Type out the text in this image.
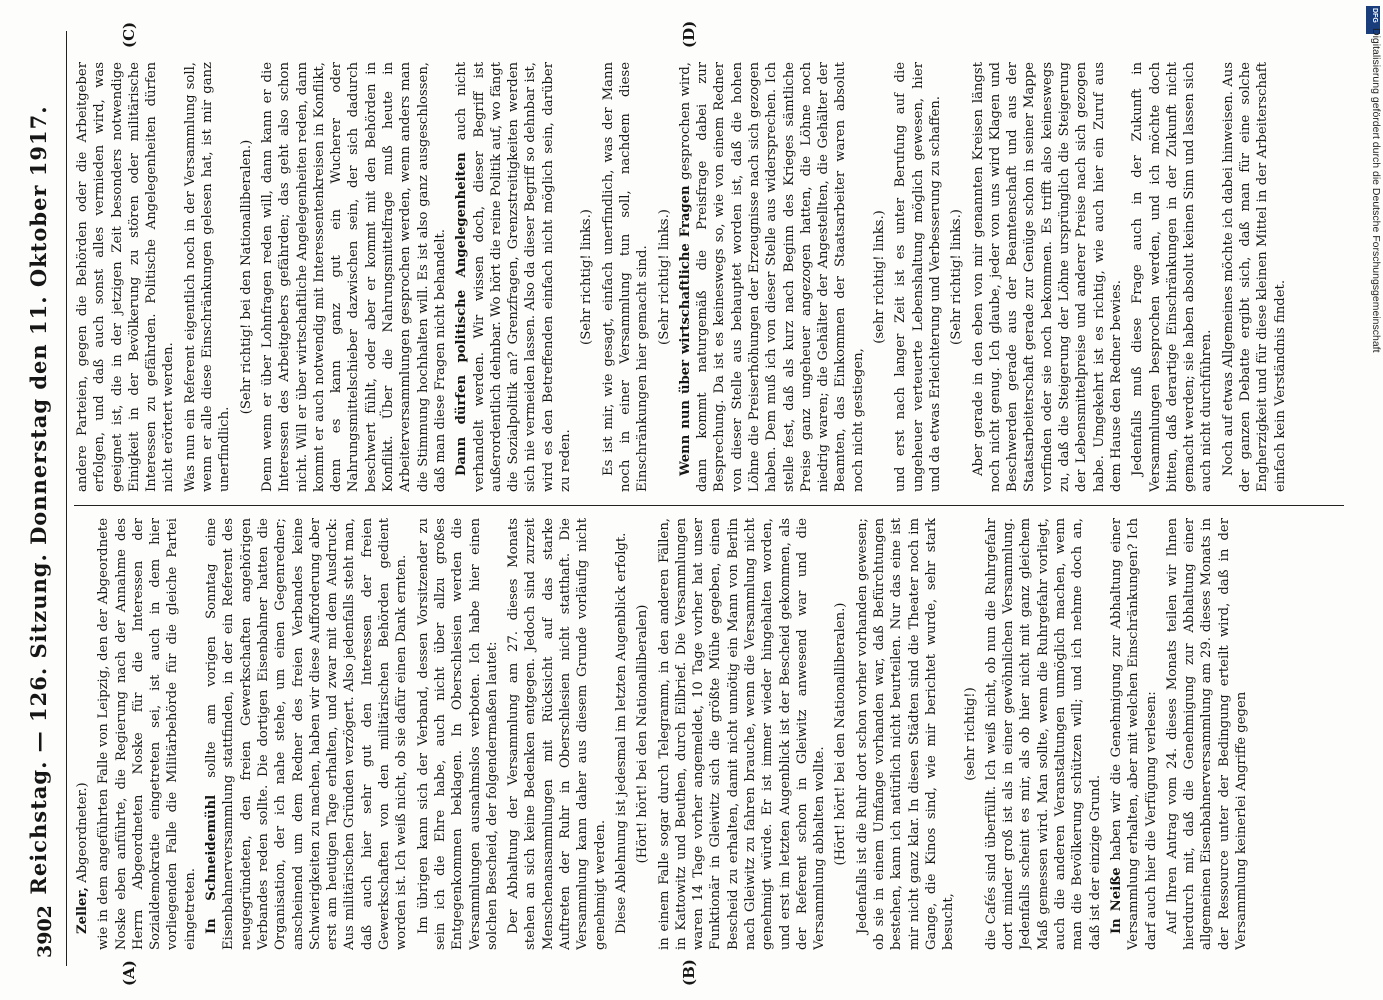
DFG
Digitalisierung gefördert durch die Deutsche Forschungsgemeinschaft
3902
Reichstag. — 126. Sitzung. Donnerstag den 11. Oktober 1917.
(A)	(B)
(C)	(D)

Zeller, Abgeordneter.) wie in dem angeführten Falle von Leipzig, den der Abgeordnete Noske eben anführte, die Regierung nach der Annahme des Herrn Abgeordneten Noske für die Interessen der Sozialdemokratie eingetreten sei, ist auch in dem hier vorliegenden Falle die Militärbehörde für die gleiche Partei eingetreten. In Schneidemühl sollte am vorigen Sonntag eine Eisenbahnerversammlung stattfinden, in der ein Referent des neugegründeten, den freien Gewerkschaften angehörigen Verbandes reden sollte. Die dortigen Eisenbahner hatten die Organisation, der ich nahe stehe, um einen Gegenredner; anscheinend um dem Redner des freien Verbandes keine Schwierigkeiten zu machen, haben wir diese Aufforderung aber erst am heutigen Tage erhalten, und zwar mit dem Ausdruck: Aus militärischen Gründen verzögert. Also jedenfalls steht man, daß auch hier sehr gut den Interessen der freien Gewerkschaften von den militärischen Behörden gedient worden ist. Ich weiß nicht, ob sie dafür einen Dank ernten. Im übrigen kann sich der Verband, dessen Vorsitzender zu sein ich die Ehre habe, auch nicht über allzu großes Entgegenkommen beklagen. In Oberschlesien werden die Versammlungen ausnahmslos verboten. Ich habe hier einen solchen Bescheid, der folgendermaßen lautet: Der Abhaltung der Versammlung am 27. dieses Monats stehen an sich keine Bedenken entgegen. Jedoch sind zurzeit Menschenansammlungen mit Rücksicht auf das starke Auftreten der Ruhr in Oberschlesien nicht statthaft. Die Versammlung kann daher aus diesem Grunde vorläufig nicht genehmigt werden. Diese Ablehnung ist jedesmal im letzten Augenblick erfolgt. (Hört! hört! bei den Nationalliberalen) in einem Falle sogar durch Telegramm, in den anderen Fällen, in Kattowitz und Beuthen, durch Eilbrief. Die Versammlungen waren 14 Tage vorher angemeldet, 10 Tage vorher hat unser Funktionär in Gleiwitz sich die größte Mühe gegeben, einen Bescheid zu erhalten, damit nicht unnötig ein Mann von Berlin nach Gleiwitz zu fahren brauche, wenn die Versammlung nicht genehmigt würde. Er ist immer wieder hingehalten worden, und erst im letzten Augenblick ist der Bescheid gekommen, als der Referent schon in Gleiwitz anwesend war und die Versammlung abhalten wollte. (Hört! hört! bei den Nationalliberalen.) Jedenfalls ist die Ruhr dort schon vorher vorhanden gewesen; ob sie in einem Umfange vorhanden war, daß Befürchtungen bestehen, kann ich natürlich nicht beurteilen. Nur das eine ist mir nicht ganz klar. In diesen Städten sind die Theater noch im Gange, die Kinos sind, wie mir berichtet wurde, sehr stark besucht,

(sehr richtig!) die Cafés sind überfüllt. Ich weiß nicht, ob nun die Ruhrgefahr dort minder groß ist als in einer gewöhnlichen Versammlung. Jedenfalls scheint es mir, als ob hier nicht mit ganz gleichem Maß gemessen wird. Man sollte, wenn die Ruhrgefahr vorliegt, auch die anderen Veranstaltungen unmöglich machen, wenn man die Bevölkerung schützen will; und ich nehme doch an, daß ist der einzige Grund. In Neiße haben wir die Genehmigung zur Abhaltung einer Versammlung erhalten, aber mit welchen Einschränkungen? Ich darf auch hier die Verfügung verlesen: Auf Ihren Antrag vom 24. dieses Monats teilen wir Ihnen hierdurch mit, daß die Genehmigung zur Abhaltung einer allgemeinen Eisenbahnerversammlung am 29. dieses Monats in der Ressource unter der Bedingung erteilt wird, daß in der Versammlung keinerlei Angriffe gegen

andere Parteien, gegen die Behörden oder die Arbeitgeber erfolgen, und daß auch sonst alles vermieden wird, was geeignet ist, die in der jetzigen Zeit besonders notwendige Einigkeit in der Bevölkerung zu stören oder militärische Interessen zu gefährden. Politische Angelegenheiten dürfen nicht erörtert werden. Was nun ein Referent eigentlich noch in der Versammlung soll, wenn er alle diese Einschränkungen gelesen hat, ist mir ganz unerfindlich.

(Sehr richtig! bei den Nationalliberalen.) Denn wenn er über Lohnfragen reden will, dann kann er die Interessen des Arbeitgebers gefährden; das geht also schon nicht. Will er über wirtschaftliche Angelegenheiten reden, dann kommt er auch notwendig mit Interessentenkreisen in Konflikt, denn es kann ganz gut ein Wucherer oder Nahrungsmittelschieber dazwischen sein, der sich dadurch beschwert fühlt, oder aber er kommt mit den Behörden in Konflikt. Über die Nahrungsmittelfrage muß heute in Arbeiterversammlungen gesprochen werden, wenn anders man die Stimmung hochhalten will. Es ist also ganz ausgeschlossen, daß man diese Fragen nicht behandelt. Dann dürfen politische Angelegenheiten auch nicht verhandelt werden. Wir wissen doch, dieser Begriff ist außerordentlich dehnbar. Wo hört die reine Politik auf, wo fängt die Sozialpolitik an? Grenzfragen, Grenzstreitigkeiten werden sich nie vermeiden lassen. Also da dieser Begriff so dehnbar ist, wird es den Betreffenden einfach nicht möglich sein, darüber zu reden.

(Sehr richtig! links.) Es ist mir, wie gesagt, einfach unerfindlich, was der Mann noch in einer Versammlung tun soll, nachdem diese Einschränkungen hier gemacht sind. (Sehr richtig! links.) Wenn nun über wirtschaftliche Fragen gesprochen wird, dann kommt naturgemäß die Preisfrage dabei zur Besprechung. Da ist es keineswegs so, wie von einem Redner von dieser Stelle aus behauptet worden ist, daß die hohen Löhne die Preiserhöhungen der Erzeugnisse nach sich gezogen haben. Dem muß ich von dieser Stelle aus widersprechen. Ich stelle fest, daß als kurz nach Beginn des Krieges sämtliche Preise ganz ungeheuer angezogen hatten, die Löhne noch niedrig waren; die Gehälter der Angestellten, die Gehälter der Beamten, das Einkommen der Staatsarbeiter waren absolut noch nicht gestiegen,

(sehr richtig! links.) und erst nach langer Zeit ist es unter Berufung auf die ungeheuer verteuerte Lebenshaltung möglich gewesen, hier und da etwas Erleichterung und Verbesserung zu schaffen. (Sehr richtig! links.) Aber gerade in den eben von mir genannten Kreisen längst noch nicht genug. Ich glaube, jeder von uns wird Klagen und Beschwerden gerade aus der Beamtenschaft und aus der Staatsarbeiterschaft gerade zur Genüge schon in seiner Mappe vorfinden oder sie noch bekommen. Es trifft also keineswegs zu, daß die Steigerung der Löhne ursprünglich die Steigerung der Lebensmittelpreise und anderer Preise nach sich gezogen habe. Umgekehrt ist es richtig, wie auch hier ein Zuruf aus dem Hause den Redner bewies. Jedenfalls muß diese Frage auch in der Zukunft in Versammlungen besprochen werden, und ich möchte doch bitten, daß derartige Einschränkungen in der Zukunft nicht gemacht werden; sie haben absolut keinen Sinn und lassen sich auch nicht durchführen. Noch auf etwas Allgemeines möchte ich dabei hinweisen. Aus der ganzen Debatte ergibt sich, daß man für eine solche Engherzigkeit und für diese kleinen Mittel in der Arbeiterschaft einfach kein Verständnis findet.
